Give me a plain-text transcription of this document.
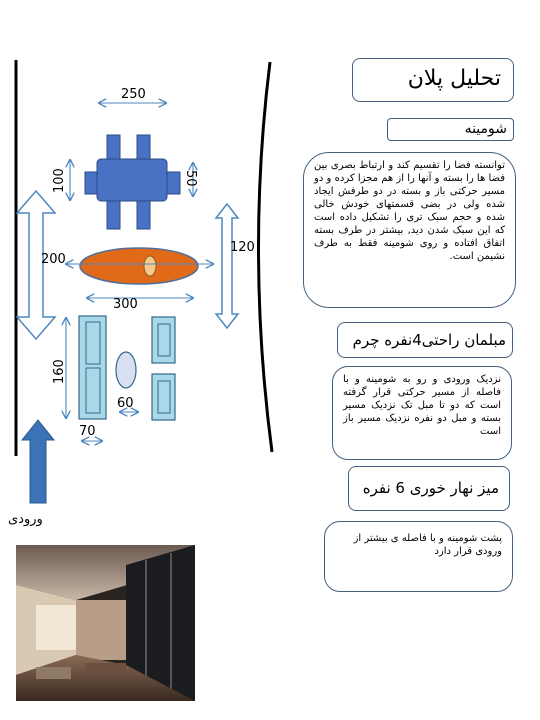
250
100	50
200
120
300
160
60
70
ورودی
تحلیل پلان
شومینه
توانسته فضا را تقسیم کند و ارتباط بصری بین فضا ها را بسته و آنها را از هم مجزا کرده و دو مسیر حرکتی باز و بسته در دو طرفش ایجاد شده ولی در بضی قسمتهای خودش خالی شده و حجم سبک تری را تشکیل داده است که این سبک شدن دید, بیشتر در طرف بسته اتفاق افتاده و روی شومینه فقط به طرف نشیمن است.
مبلمان راحتی4نفره چرم
نزدیک ورودی و رو به شومینه و با فاصله از مسیر حرکتی قرار گرفته است که دو تا مبل تک نزدیک مسیر بسته و مبل دو نفره نزدیک مسیر باز است
میز نهار خوری 6 نفره
پشت شومینه و با فاصله ی بیشتر از ورودی قرار دارد
